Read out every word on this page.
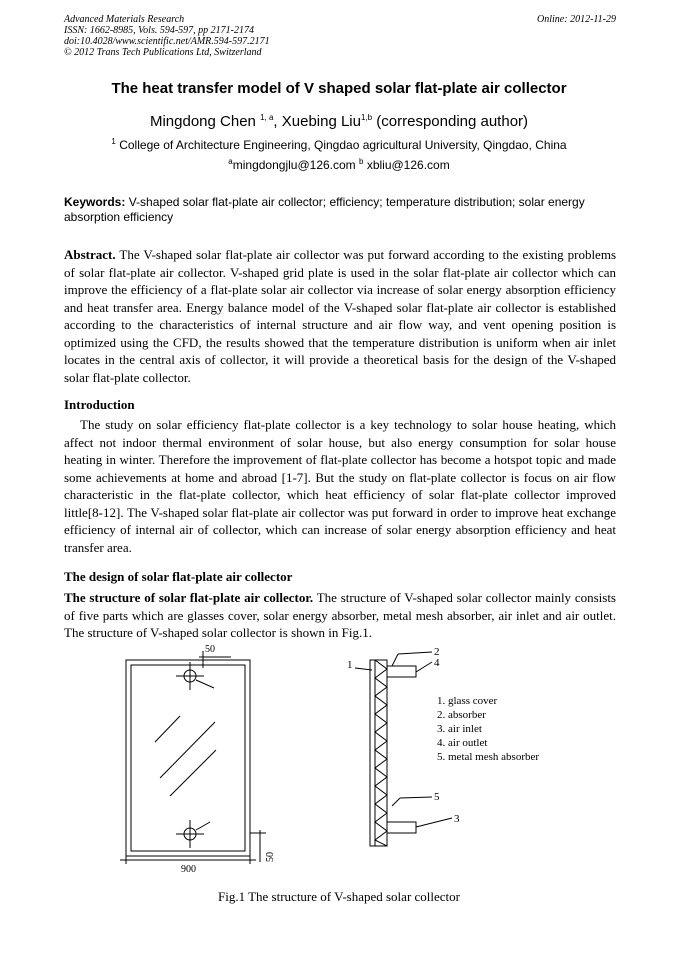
Advanced Materials Research
ISSN: 1662-8985, Vols. 594-597, pp 2171-2174
doi:10.4028/www.scientific.net/AMR.594-597.2171
© 2012 Trans Tech Publications Ltd, Switzerland
Online: 2012-11-29
The heat transfer model of V shaped solar flat-plate air collector
Mingdong Chen $^{1, a}$, Xuebing Liu$^{1,b}$ (corresponding author)
$^1$ College of Architecture Engineering, Qingdao agricultural University, Qingdao, China
$^a$mingdongjlu@126.com $^b$ xbliu@126.com
Keywords: V-shaped solar flat-plate air collector; efficiency; temperature distribution; solar energy absorption efficiency
Abstract. The V-shaped solar flat-plate air collector was put forward according to the existing problems of solar flat-plate air collector. V-shaped grid plate is used in the solar flat-plate air collector which can improve the efficiency of a flat-plate solar air collector via increase of solar energy absorption efficiency and heat transfer area. Energy balance model of the V-shaped solar flat-plate air collector is established according to the characteristics of internal structure and air flow way, and vent opening position is optimized using the CFD, the results showed that the temperature distribution is uniform when air inlet locates in the central axis of collector, it will provide a theoretical basis for the design of the V-shaped solar flat-plate collector.
Introduction
The study on solar efficiency flat-plate collector is a key technology to solar house heating, which affect not indoor thermal environment of solar house, but also energy consumption for solar house heating in winter. Therefore the improvement of flat-plate collector has become a hotspot topic and made some achievements at home and abroad [1-7]. But the study on flat-plate collector is focus on air flow characteristic in the flat-plate collector, which heat efficiency of solar flat-plate collector improved little[8-12]. The V-shaped solar flat-plate air collector was put forward in order to improve heat exchange efficiency of internal air of collector, which can increase of solar energy absorption efficiency and heat transfer area.
The design of solar flat-plate air collector
The structure of solar flat-plate air collector. The structure of V-shaped solar collector mainly consists of five parts which are glasses cover, solar energy absorber, metal mesh absorber, air inlet and air outlet. The structure of V-shaped solar collector is shown in Fig.1.
50
900
50
1
2
4
5
3
1. glass cover
2. absorber
3. air inlet
4. air outlet
5. metal mesh absorber
Fig.1 The structure of V-shaped solar collector
